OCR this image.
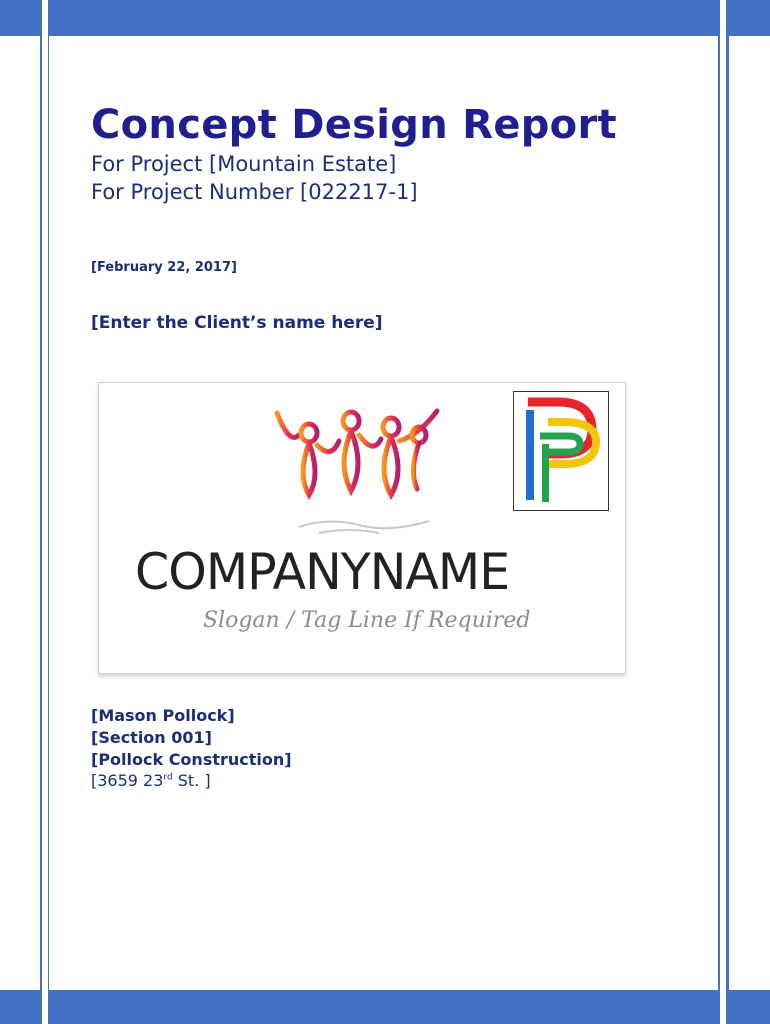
Concept Design Report

For Project [Mountain Estate]

For Project Number [022217-1]

[February 22, 2017]

[Enter the Client’s name here]

COMPANYNAME
Slogan / Tag Line If Required

[Mason Pollock]

[Section 001]

[Pollock Construction]

[3659 23rd St. ]
